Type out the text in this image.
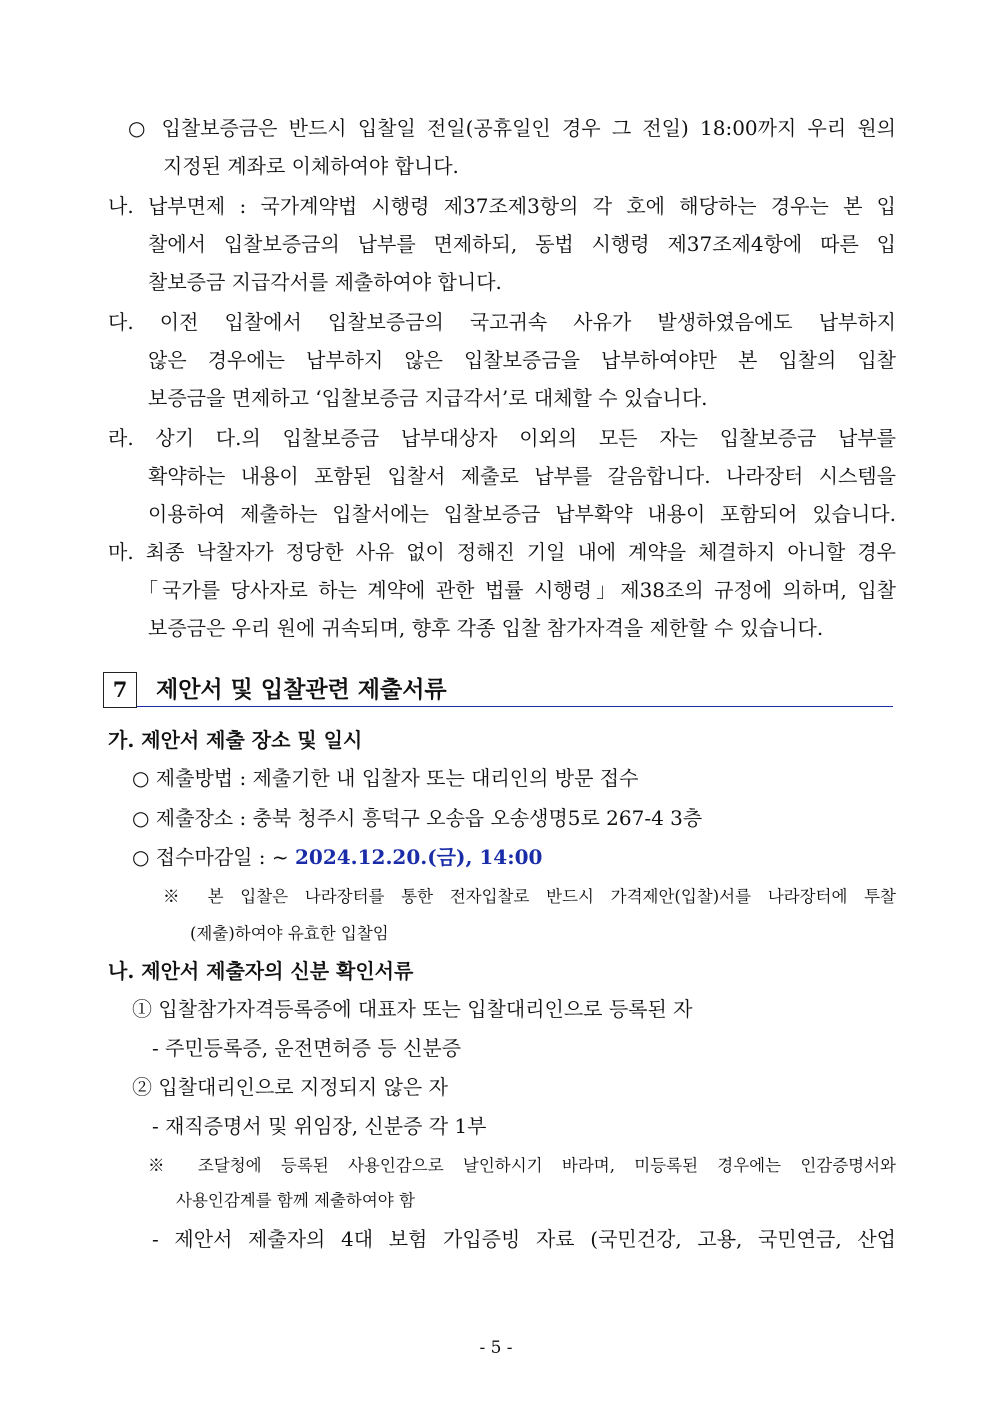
○ 입찰보증금은 반드시 입찰일 전일(공휴일인 경우 그 전일) 18:00까지 우리 원의
지정된 계좌로 이체하여야 합니다.
나. 납부면제 : 국가계약법 시행령 제37조제3항의 각 호에 해당하는 경우는 본 입
찰에서 입찰보증금의 납부를 면제하되, 동법 시행령 제37조제4항에 따른 입
찰보증금 지급각서를 제출하여야 합니다.
다. 이전 입찰에서 입찰보증금의 국고귀속 사유가 발생하였음에도 납부하지
않은 경우에는 납부하지 않은 입찰보증금을 납부하여야만 본 입찰의 입찰
보증금을 면제하고 ‘입찰보증금 지급각서’로 대체할 수 있습니다.
라. 상기 다.의 입찰보증금 납부대상자 이외의 모든 자는 입찰보증금 납부를
확약하는 내용이 포함된 입찰서 제출로 납부를 갈음합니다. 나라장터 시스템을
이용하여 제출하는 입찰서에는 입찰보증금 납부확약 내용이 포함되어 있습니다.
마. 최종 낙찰자가 정당한 사유 없이 정해진 기일 내에 계약을 체결하지 아니할 경우
「국가를 당사자로 하는 계약에 관한 법률 시행령」제38조의 규정에 의하며, 입찰
보증금은 우리 원에 귀속되며, 향후 각종 입찰 참가자격을 제한할 수 있습니다.
7	제안서 및 입찰관련 제출서류
가. 제안서 제출 장소 및 일시
○ 제출방법 : 제출기한 내 입찰자 또는 대리인의 방문 접수
○ 제출장소 : 충북 청주시 흥덕구 오송읍 오송생명5로 267-4 3층
○ 접수마감일 : ~ 2024.12.20.(금), 14:00
※ 본 입찰은 나라장터를 통한 전자입찰로 반드시 가격제안(입찰)서를 나라장터에 투찰
(제출)하여야 유효한 입찰임
나. 제안서 제출자의 신분 확인서류
① 입찰참가자격등록증에 대표자 또는 입찰대리인으로 등록된 자
- 주민등록증, 운전면허증 등 신분증
② 입찰대리인으로 지정되지 않은 자
- 재직증명서 및 위임장, 신분증 각 1부
※ 조달청에 등록된 사용인감으로 날인하시기 바라며, 미등록된 경우에는 인감증명서와
사용인감계를 함께 제출하여야 함
- 제안서 제출자의 4대 보험 가입증빙 자료 (국민건강, 고용, 국민연금, 산업
- 5 -
